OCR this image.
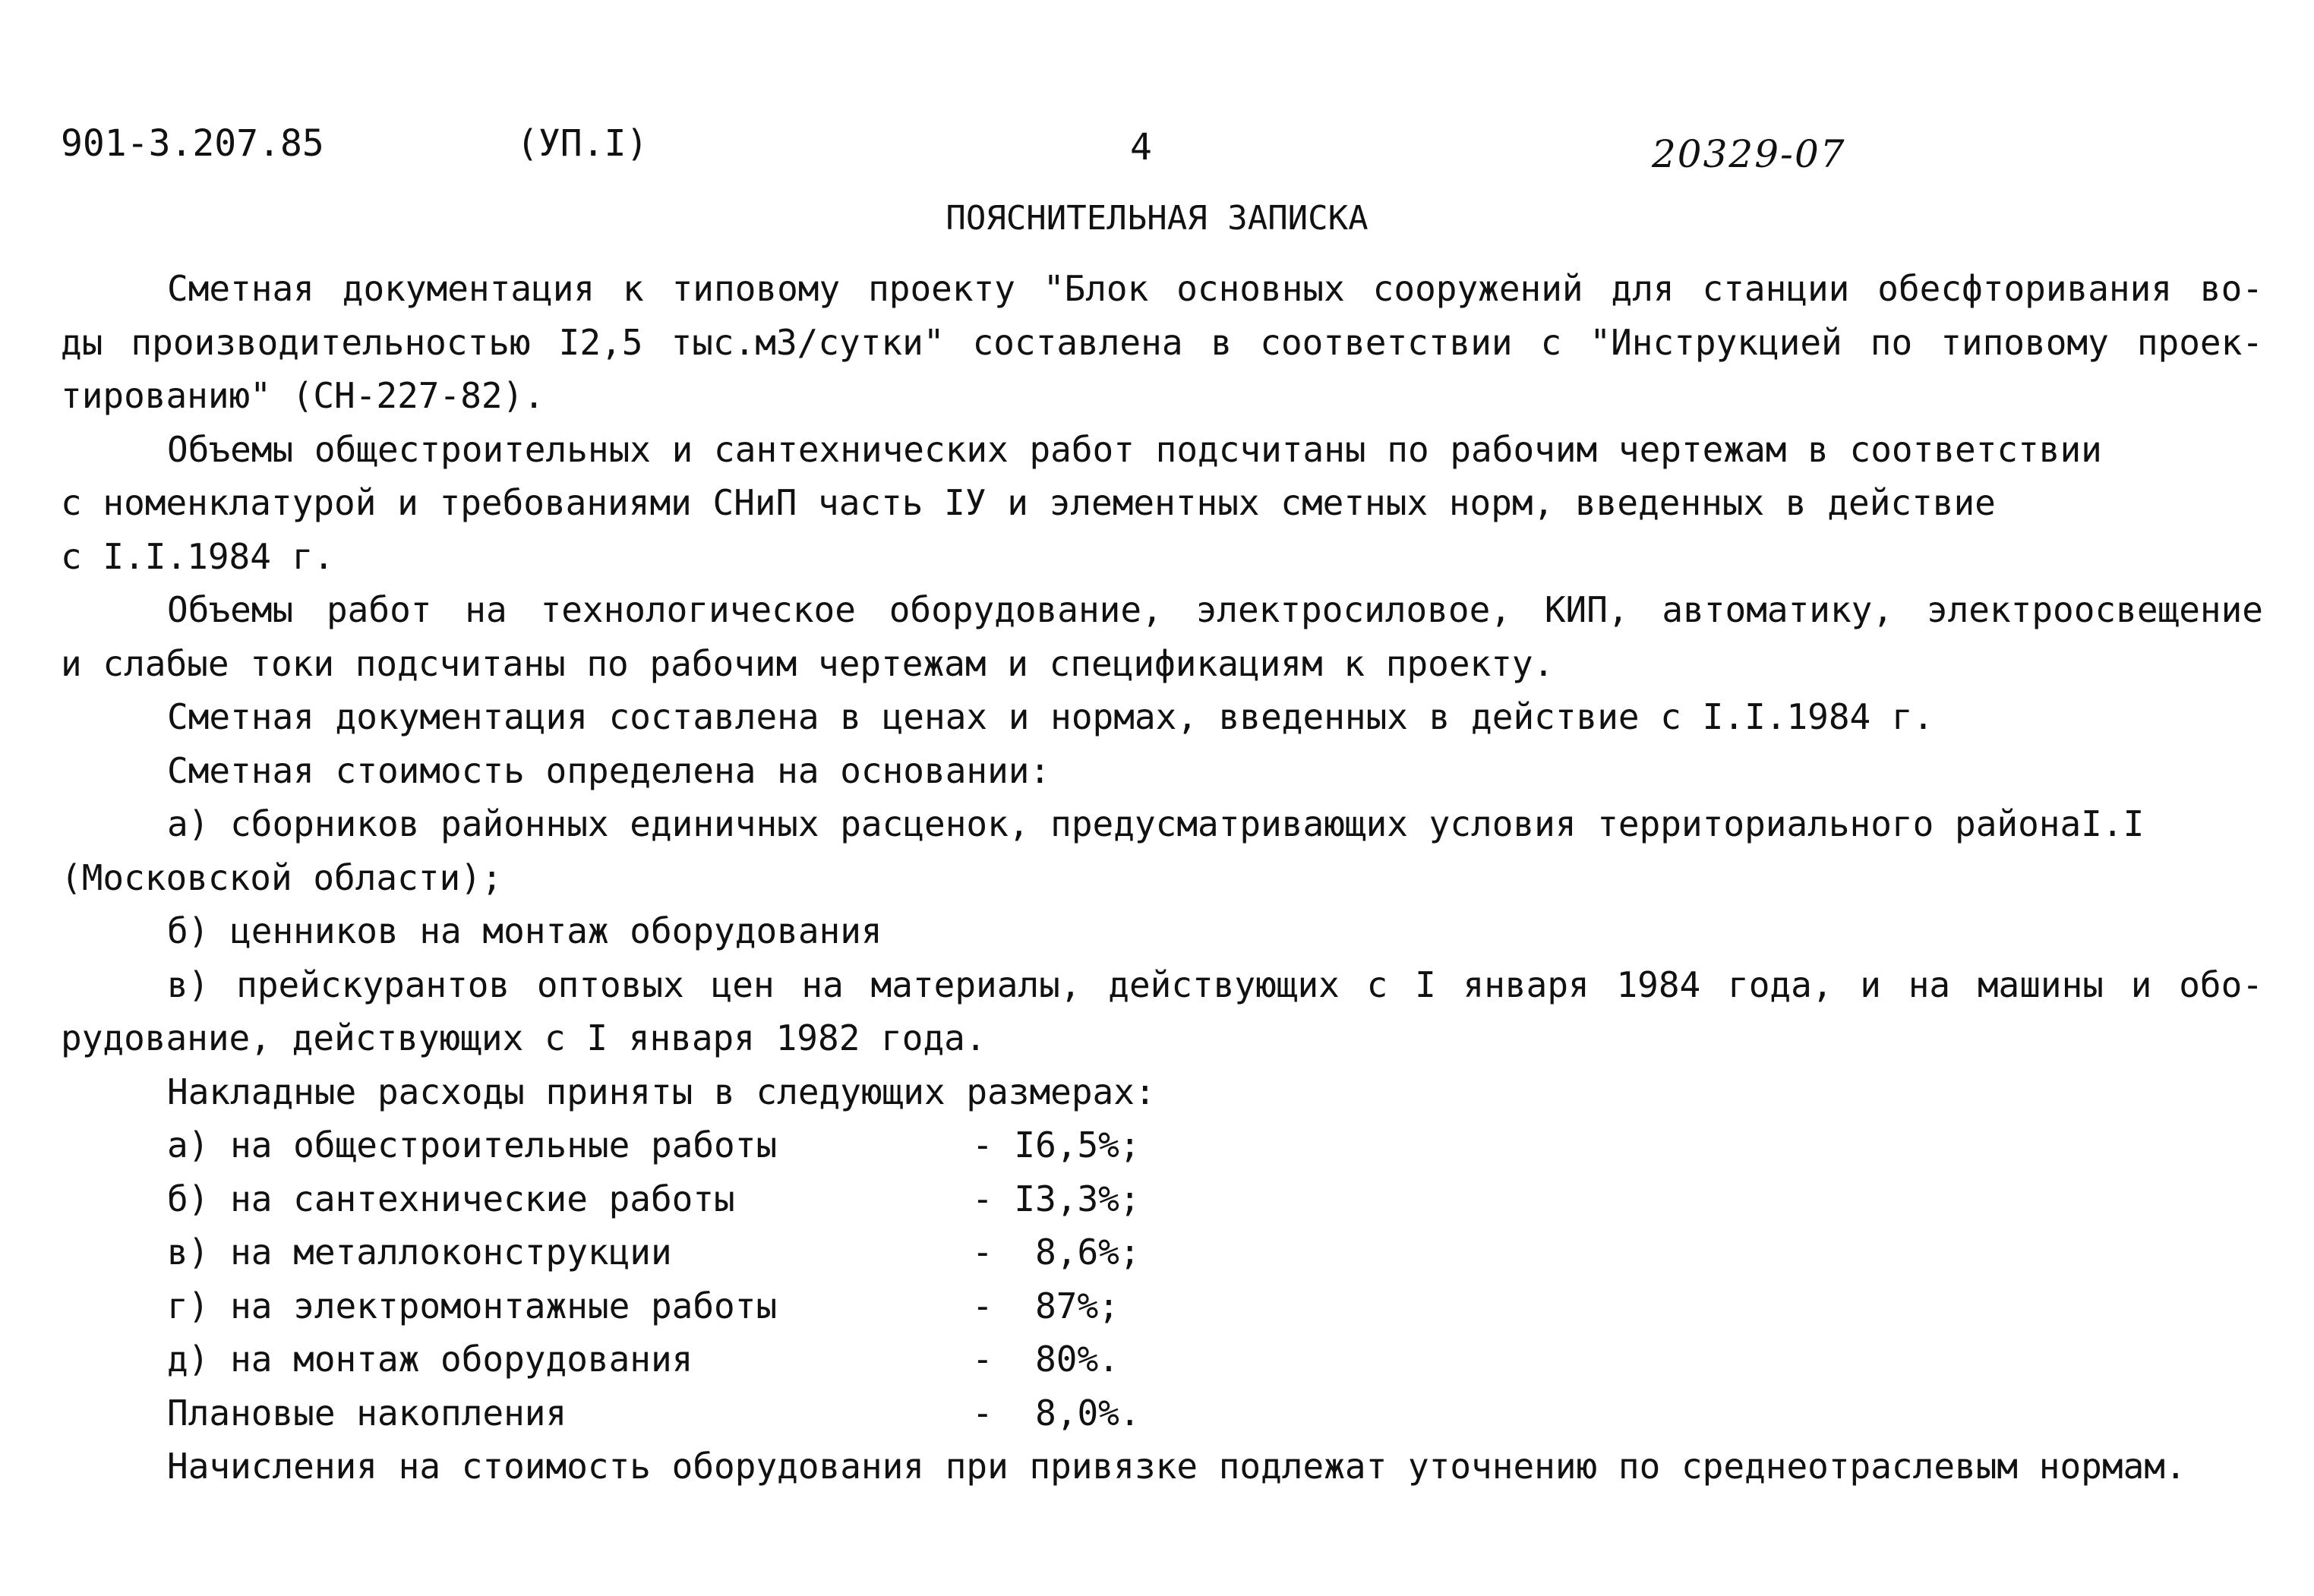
901-3.207.85	(УП.I)	4	20329-07
ПОЯСНИТЕЛЬНАЯ ЗАПИСКА
Сметная документация к типовому проекту "Блок основных сооружений для станции обесфторивания во-
ды производительностью I2,5 тыс.м3/сутки" составлена в соответствии с "Инструкцией по типовому проек-
тированию" (СН-227-82).
Объемы общестроительных и сантехнических работ подсчитаны по рабочим чертежам в соответствии
с номенклатурой и требованиями СНиП часть IУ и элементных сметных норм, введенных в действие
с I.I.1984 г.
Объемы работ на технологическое оборудование, электросиловое, КИП, автоматику, электроосвещение
и слабые токи подсчитаны по рабочим чертежам и спецификациям к проекту.
Сметная документация составлена в ценах и нормах, введенных в действие с I.I.1984 г.
Сметная стоимость определена на основании:
а) сборников районных единичных расценок, предусматривающих условия территориального районаI.I
(Московской области);
б) ценников на монтаж оборудования
в) прейскурантов оптовых цен на материалы, действующих с I января 1984 года, и на машины и обо-
рудование, действующих с I января 1982 года.
Накладные расходы приняты в следующих размерах:
а) на общестроительные работы	- I6,5%;
б) на сантехнические работы	- I3,3%;
в) на металлоконструкции	-  8,6%;
г) на электромонтажные работы	-  87%;
д) на монтаж оборудования	-  80%.
Плановые накопления	-  8,0%.
Начисления на стоимость оборудования при привязке подлежат уточнению по среднеотраслевым нормам.
